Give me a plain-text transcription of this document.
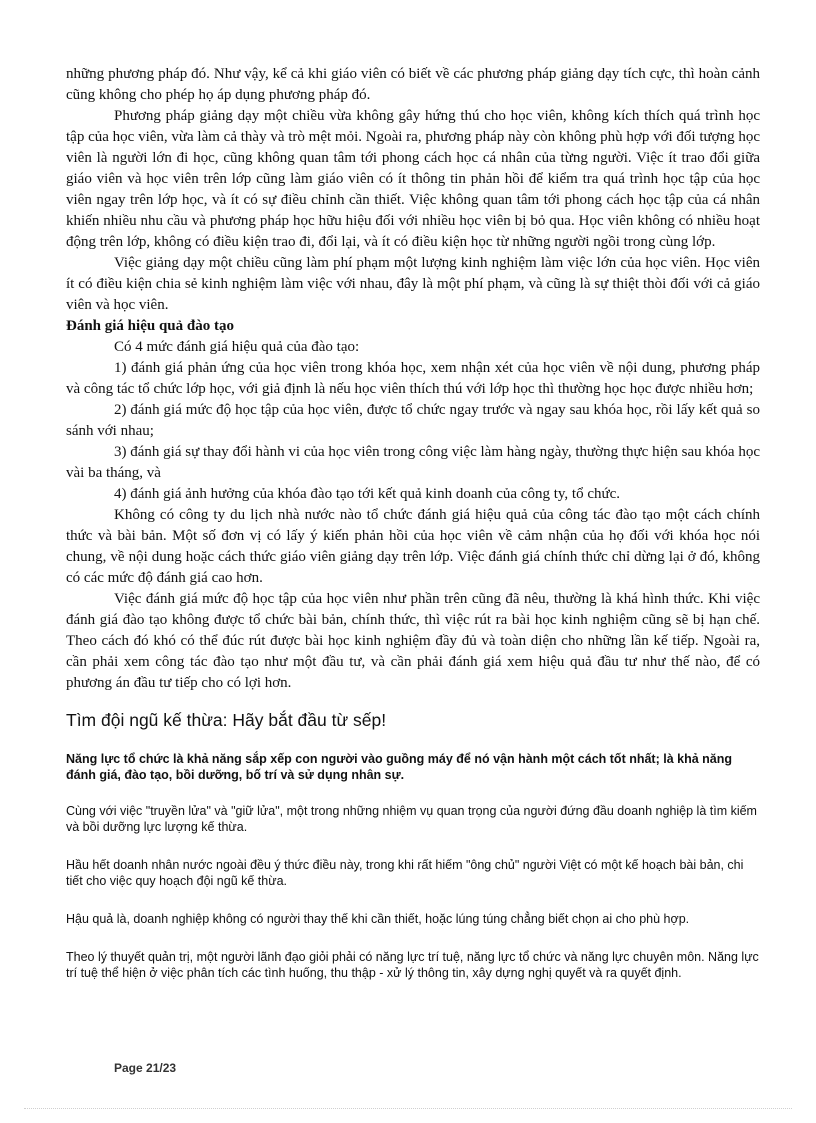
những phương pháp đó. Như vậy, kể cả khi giáo viên có biết về các phương pháp giảng dạy tích cực, thì hoàn cảnh cũng không cho phép họ áp dụng phương pháp đó.

Phương pháp giảng dạy một chiều vừa không gây hứng thú cho học viên, không kích thích quá trình học tập của học viên, vừa làm cả thày và trò mệt mỏi. Ngoài ra, phương pháp này còn không phù hợp với đối tượng học viên là người lớn đi học, cũng không quan tâm tới phong cách học cá nhân của từng người. Việc ít trao đổi giữa giáo viên và học viên trên lớp cũng làm giáo viên có ít thông tin phản hồi để kiểm tra quá trình học tập của học viên ngay trên lớp học, và ít có sự điều chỉnh cần thiết. Việc không quan tâm tới phong cách học tập của cá nhân khiến nhiều nhu cầu và phương pháp học hữu hiệu đối với nhiều học viên bị bỏ qua. Học viên không có nhiều hoạt động trên lớp, không có điều kiện trao đi, đổi lại, và ít có điều kiện học từ những người ngồi trong cùng lớp.

Việc giảng dạy một chiều cũng làm phí phạm một lượng kinh nghiệm làm việc lớn của học viên. Học viên ít có điều kiện chia sẻ kinh nghiệm làm việc với nhau, đây là một phí phạm, và cũng là sự thiệt thòi đối với cả giáo viên và học viên.

Đánh giá hiệu quả đào tạo

Có 4 mức đánh giá hiệu quả của đào tạo:

1) đánh giá phản ứng của học viên trong khóa học, xem nhận xét của học viên về nội dung, phương pháp và công tác tổ chức lớp học, với giả định là nếu học viên thích thú với lớp học thì thường học học được nhiều hơn;

2) đánh giá mức độ học tập của học viên, được tổ chức ngay trước và ngay sau khóa học, rồi lấy kết quả so sánh với nhau;

3) đánh giá sự thay đổi hành vi của học viên trong công việc làm hàng ngày, thường thực hiện sau khóa học vài ba tháng, và

4) đánh giá ảnh hưởng của khóa đào tạo tới kết quả kinh doanh của công ty, tổ chức.

Không có công ty du lịch nhà nước nào tổ chức đánh giá hiệu quả của công tác đào tạo một cách chính thức và bài bản. Một số đơn vị có lấy ý kiến phản hồi của học viên về cảm nhận của họ đối với khóa học nói chung, về nội dung hoặc cách thức giáo viên giảng dạy trên lớp. Việc đánh giá chính thức chỉ dừng lại ở đó, không có các mức độ đánh giá cao hơn.

Việc đánh giá mức độ học tập của học viên như phần trên cũng đã nêu, thường là khá hình thức. Khi việc đánh giá đào tạo không được tổ chức bài bản, chính thức, thì việc rút ra bài học kinh nghiệm cũng sẽ bị hạn chế. Theo cách đó khó có thể đúc rút được bài học kinh nghiệm đầy đủ và toàn diện cho những lần kế tiếp. Ngoài ra, cần phải xem công tác đào tạo như một đầu tư, và cần phải đánh giá xem hiệu quả đầu tư như thế nào, để có phương án đầu tư tiếp cho có lợi hơn.

Tìm đội ngũ kế thừa: Hãy bắt đầu từ sếp!

Năng lực tổ chức là khả năng sắp xếp con người vào guồng máy để nó vận hành một cách tốt nhất; là khả năng đánh giá, đào tạo, bồi dưỡng, bố trí và sử dụng nhân sự.

Cùng với việc "truyền lửa" và "giữ lửa", một trong những nhiệm vụ quan trọng của người đứng đầu doanh nghiệp là tìm kiếm và bồi dưỡng lực lượng kế thừa.

Hầu hết doanh nhân nước ngoài đều ý thức điều này, trong khi rất hiếm "ông chủ" người Việt có một kế hoạch bài bản, chi tiết cho việc quy hoạch đội ngũ kế thừa.

Hậu quả là, doanh nghiệp không có người thay thế khi cần thiết, hoặc lúng túng chẳng biết chọn ai cho phù hợp.

Theo lý thuyết quản trị, một người lãnh đạo giỏi phải có năng lực trí tuệ, năng lực tổ chức và năng lực chuyên môn. Năng lực trí tuệ thể hiện ở việc phân tích các tình huống, thu thập - xử lý thông tin, xây dựng nghị quyết và ra quyết định.

Page 21/23
